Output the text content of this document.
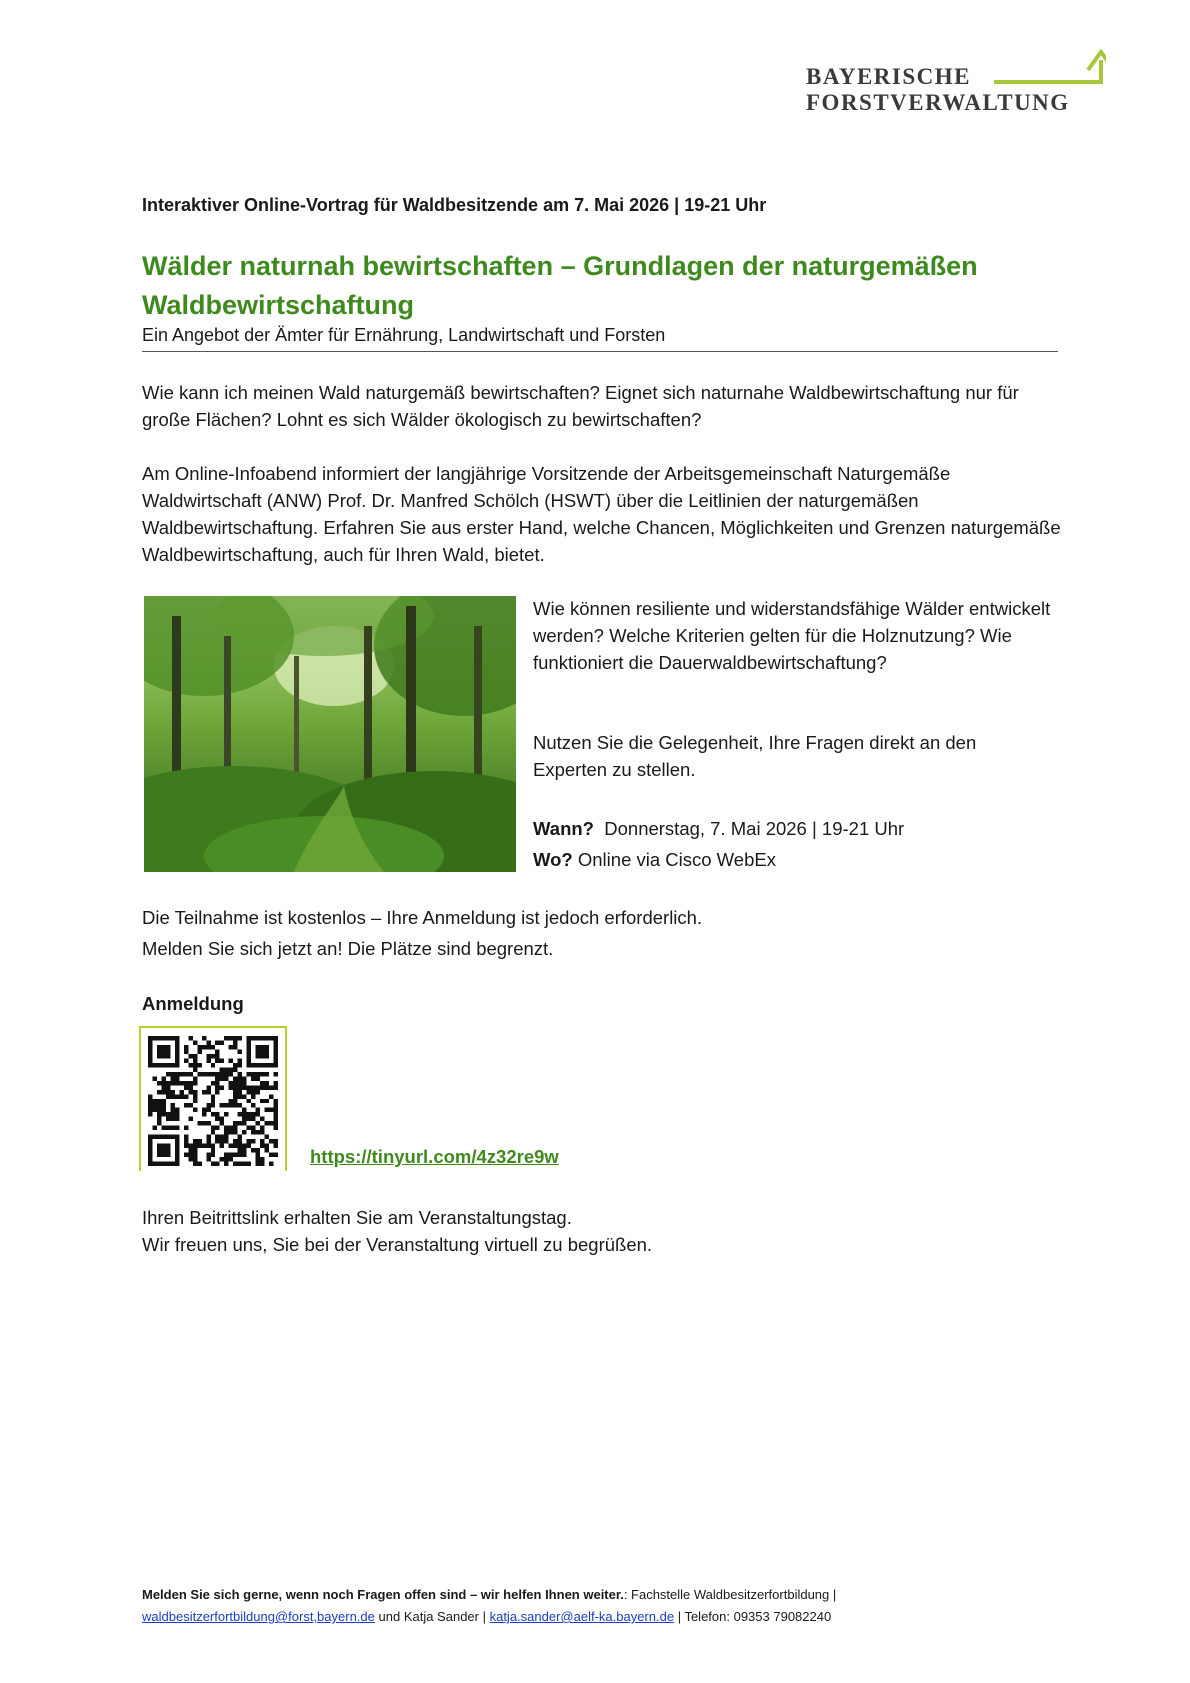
BAYERISCHE
FORSTVERWALTUNG
Interaktiver Online-Vortrag für Waldbesitzende am 7. Mai 2026 | 19-21 Uhr
Wälder naturnah bewirtschaften – Grundlagen der naturgemäßen Waldbewirtschaftung
Ein Angebot der Ämter für Ernährung, Landwirtschaft und Forsten
Wie kann ich meinen Wald naturgemäß bewirtschaften? Eignet sich naturnahe Waldbewirtschaftung nur für große Flächen? Lohnt es sich Wälder ökologisch zu bewirtschaften?
Am Online-Infoabend informiert der langjährige Vorsitzende der Arbeitsgemeinschaft Naturgemäße Waldwirtschaft (ANW) Prof. Dr. Manfred Schölch (HSWT) über die Leitlinien der naturgemäßen Waldbewirtschaftung. Erfahren Sie aus erster Hand, welche Chancen, Möglichkeiten und Grenzen naturgemäße Waldbewirtschaftung, auch für Ihren Wald, bietet.
Wie können resiliente und widerstandsfähige Wälder entwickelt werden? Welche Kriterien gelten für die Holznutzung? Wie funktioniert die Dauerwaldbewirtschaftung?
Nutzen Sie die Gelegenheit, Ihre Fragen direkt an den Experten zu stellen.
Wann? Donnerstag, 7. Mai 2026 | 19-21 Uhr
Wo? Online via Cisco WebEx
Die Teilnahme ist kostenlos – Ihre Anmeldung ist jedoch erforderlich.
Melden Sie sich jetzt an! Die Plätze sind begrenzt.
Anmeldung
https://tinyurl.com/4z32re9w
Ihren Beitrittslink erhalten Sie am Veranstaltungstag.
Wir freuen uns, Sie bei der Veranstaltung virtuell zu begrüßen.
Melden Sie sich gerne, wenn noch Fragen offen sind – wir helfen Ihnen weiter.: Fachstelle Waldbesitzerfortbildung |
waldbesitzerfortbildung@forst,bayern.de und Katja Sander | katja.sander@aelf-ka.bayern.de | Telefon: 09353 79082240
